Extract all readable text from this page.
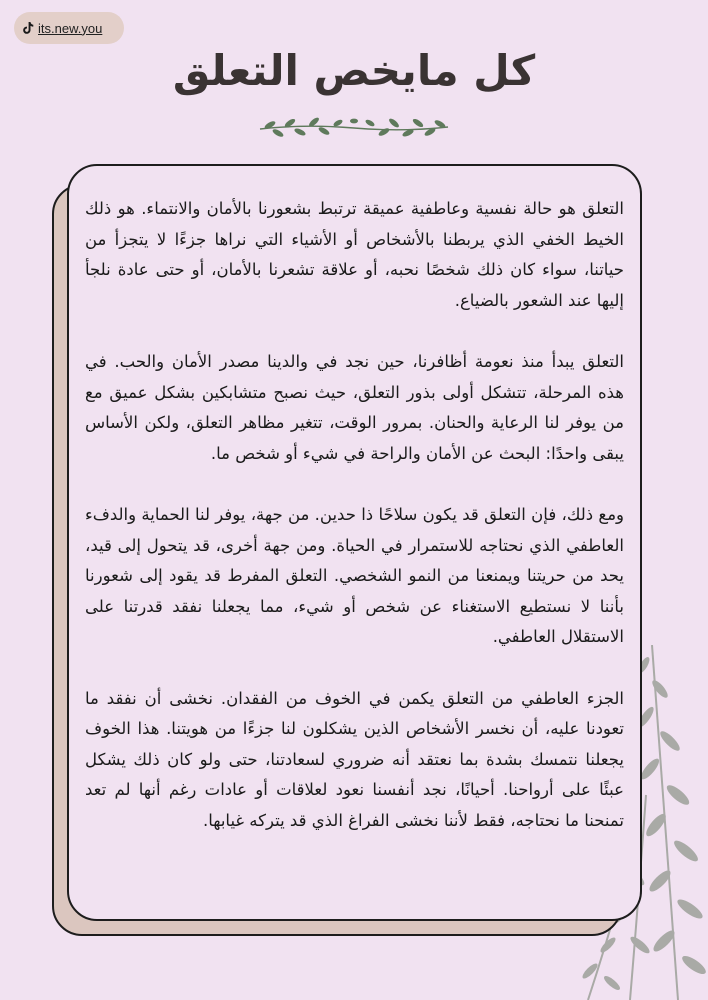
its.new.you
كل مايخص التعلق

التعلق هو حالة نفسية وعاطفية عميقة ترتبط بشعورنا بالأمان والانتماء. هو ذلك الخيط الخفي الذي يربطنا بالأشخاص أو الأشياء التي نراها جزءًا لا يتجزأ من حياتنا، سواء كان ذلك شخصًا نحبه، أو علاقة تشعرنا بالأمان، أو حتى عادة نلجأ إليها عند الشعور بالضياع.

التعلق يبدأ منذ نعومة أظافرنا، حين نجد في والدينا مصدر الأمان والحب. في هذه المرحلة، تتشكل أولى بذور التعلق، حيث نصبح متشابكين بشكل عميق مع من يوفر لنا الرعاية والحنان. بمرور الوقت، تتغير مظاهر التعلق، ولكن الأساس يبقى واحدًا: البحث عن الأمان والراحة في شيء أو شخص ما.

ومع ذلك، فإن التعلق قد يكون سلاحًا ذا حدين. من جهة، يوفر لنا الحماية والدفء العاطفي الذي نحتاجه للاستمرار في الحياة. ومن جهة أخرى، قد يتحول إلى قيد، يحد من حريتنا ويمنعنا من النمو الشخصي. التعلق المفرط قد يقود إلى شعورنا بأننا لا نستطيع الاستغناء عن شخص أو شيء، مما يجعلنا نفقد قدرتنا على الاستقلال العاطفي.

الجزء العاطفي من التعلق يكمن في الخوف من الفقدان. نخشى أن نفقد ما تعودنا عليه، أن نخسر الأشخاص الذين يشكلون لنا جزءًا من هويتنا. هذا الخوف يجعلنا نتمسك بشدة بما نعتقد أنه ضروري لسعادتنا، حتى ولو كان ذلك يشكل عبئًا على أرواحنا. أحيانًا، نجد أنفسنا نعود لعلاقات أو عادات رغم أنها لم تعد تمنحنا ما نحتاجه، فقط لأننا نخشى الفراغ الذي قد يتركه غيابها.
